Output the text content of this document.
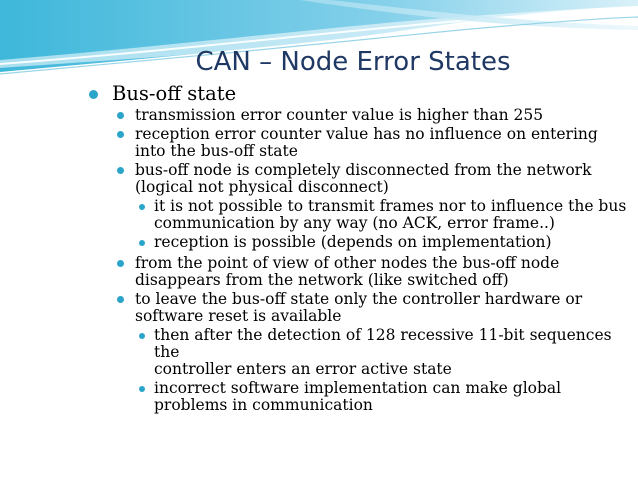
CAN – Node Error States
Bus-off state
transmission error counter value is higher than 255
reception error counter value has no influence on entering
into the bus-off state
bus-off node is completely disconnected from the network
(logical not physical disconnect)
it is not possible to transmit frames nor to influence the bus
communication by any way (no ACK, error frame..)
reception is possible (depends on implementation)
from the point of view of other nodes the bus-off node
disappears from the network (like switched off)
to leave the bus-off state only the controller hardware or
software reset is available
then after the detection of 128 recessive 11-bit sequences the
controller enters an error active state
incorrect software implementation can make global
problems in communication
